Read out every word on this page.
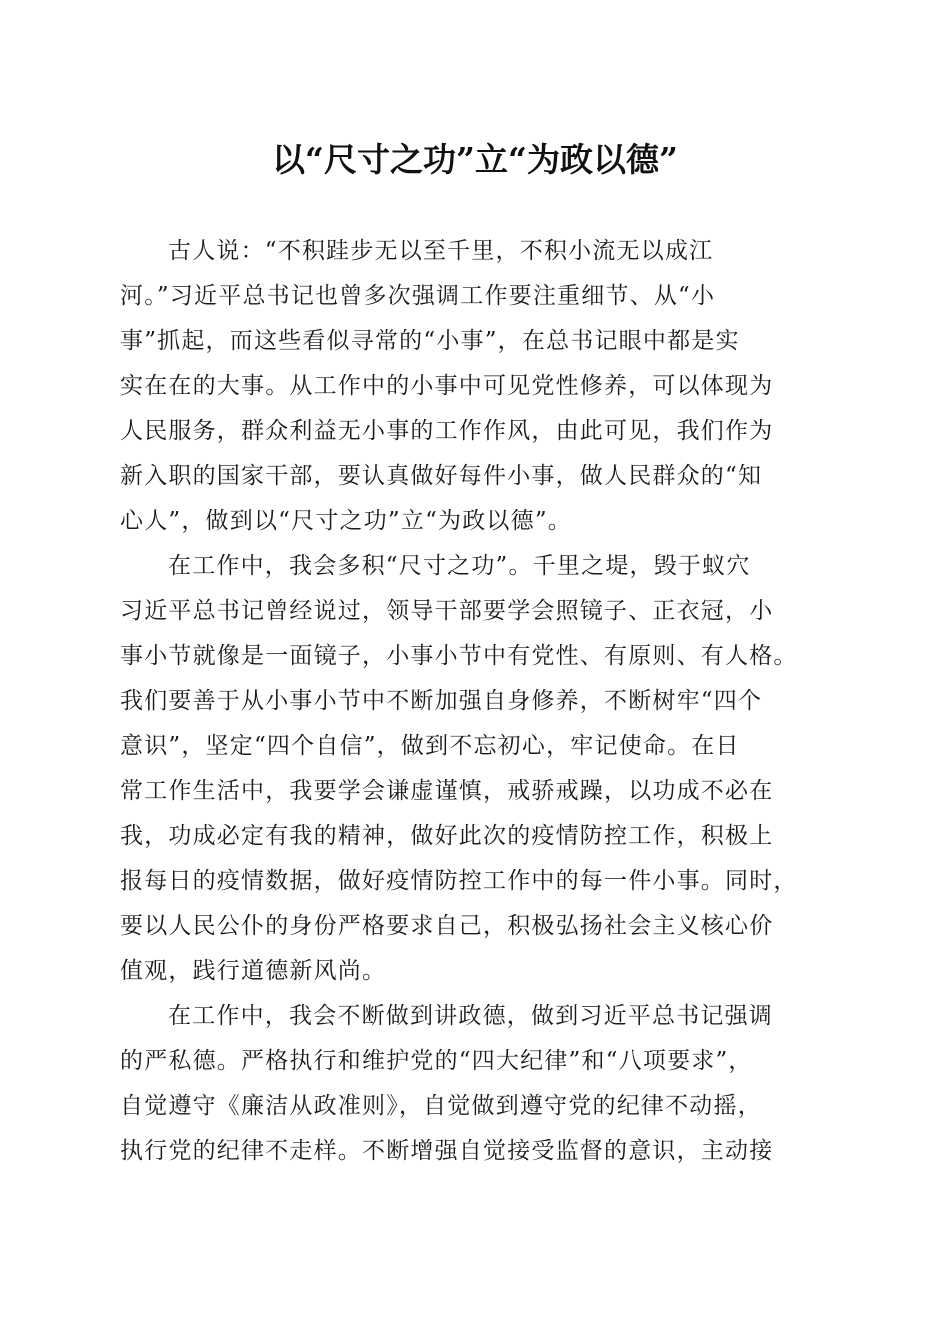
以“尺寸之功”立“为政以德”

古人说：“不积跬步无以至千里，不积小流无以成江
河。”习近平总书记也曾多次强调工作要注重细节、从“小
事”抓起，而这些看似寻常的“小事”，在总书记眼中都是实
实在在的大事。从工作中的小事中可见党性修养，可以体现为
人民服务，群众利益无小事的工作作风，由此可见，我们作为
新入职的国家干部，要认真做好每件小事，做人民群众的“知
心人”，做到以“尺寸之功”立“为政以德”。

在工作中，我会多积“尺寸之功”。千里之堤，毁于蚁穴
习近平总书记曾经说过，领导干部要学会照镜子、正衣冠，小
事小节就像是一面镜子，小事小节中有党性、有原则、有人格。
我们要善于从小事小节中不断加强自身修养，不断树牢“四个
意识”，坚定“四个自信”，做到不忘初心，牢记使命。在日
常工作生活中，我要学会谦虚谨慎，戒骄戒躁，以功成不必在
我，功成必定有我的精神，做好此次的疫情防控工作，积极上
报每日的疫情数据，做好疫情防控工作中的每一件小事。同时，
要以人民公仆的身份严格要求自己，积极弘扬社会主义核心价
值观，践行道德新风尚。

在工作中，我会不断做到讲政德，做到习近平总书记强调
的严私德。严格执行和维护党的“四大纪律”和“八项要求”，
自觉遵守《廉洁从政准则》，自觉做到遵守党的纪律不动摇，
执行党的纪律不走样。不断增强自觉接受监督的意识，主动接
